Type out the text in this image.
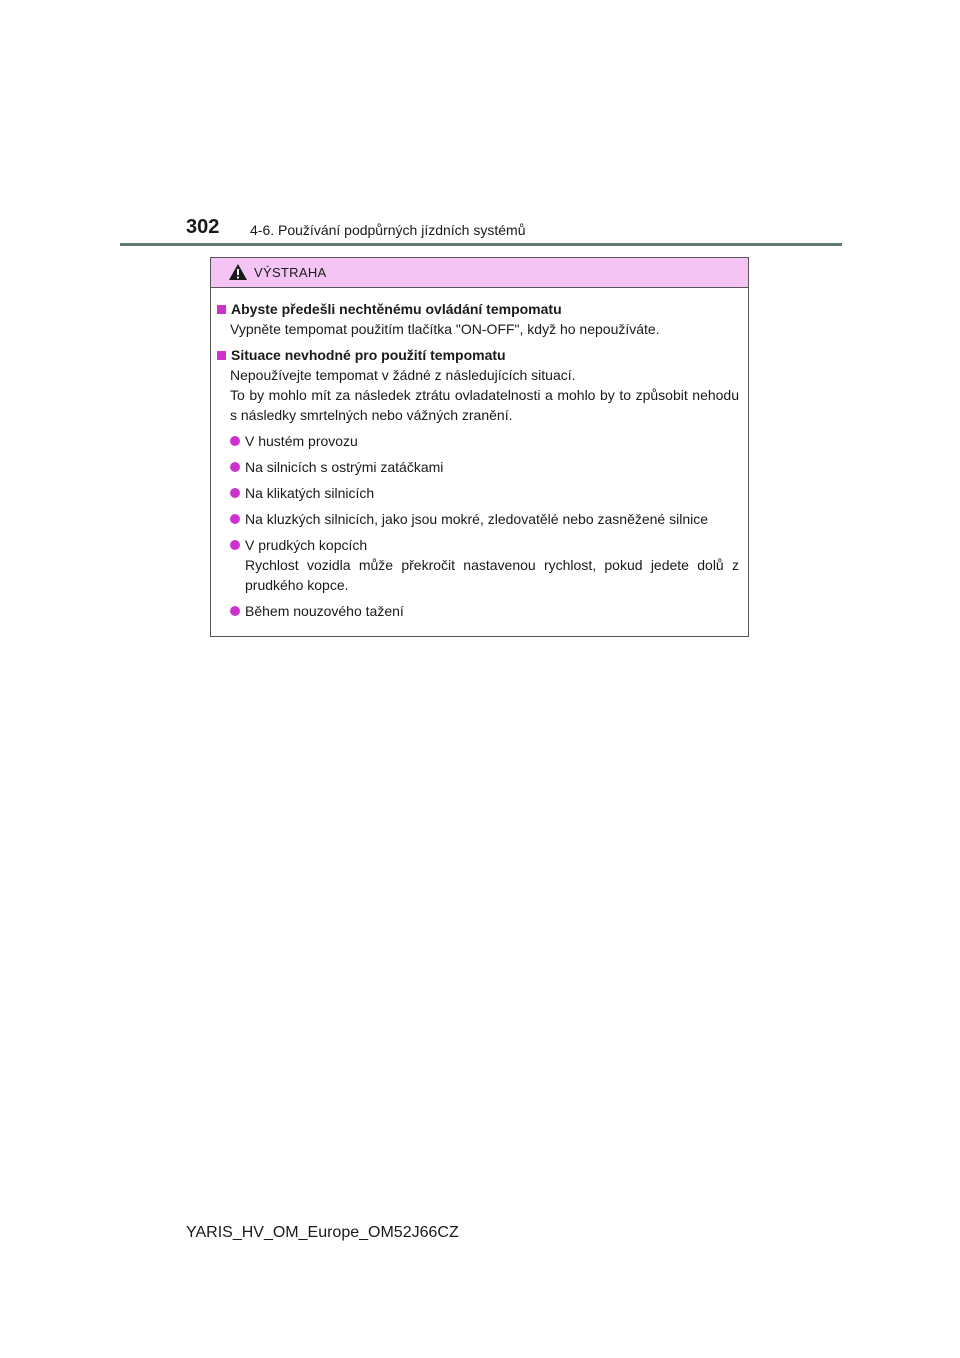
302 4-6. Používání podpůrných jízdních systémů
VÝSTRAHA
Abyste předešli nechtěnému ovládání tempomatu
Vypněte tempomat použitím tlačítka "ON-OFF", když ho nepoužíváte.
Situace nevhodné pro použití tempomatu
Nepoužívejte tempomat v žádné z následujících situací.
To by mohlo mít za následek ztrátu ovladatelnosti a mohlo by to způsobit nehodu s následky smrtelných nebo vážných zranění.
V hustém provozu
Na silnicích s ostrými zatáčkami
Na klikatých silnicích
Na kluzkých silnicích, jako jsou mokré, zledovatělé nebo zasněžené silnice
V prudkých kopcích
Rychlost vozidla může překročit nastavenou rychlost, pokud jedete dolů z prudkého kopce.
Během nouzového tažení
YARIS_HV_OM_Europe_OM52J66CZ
